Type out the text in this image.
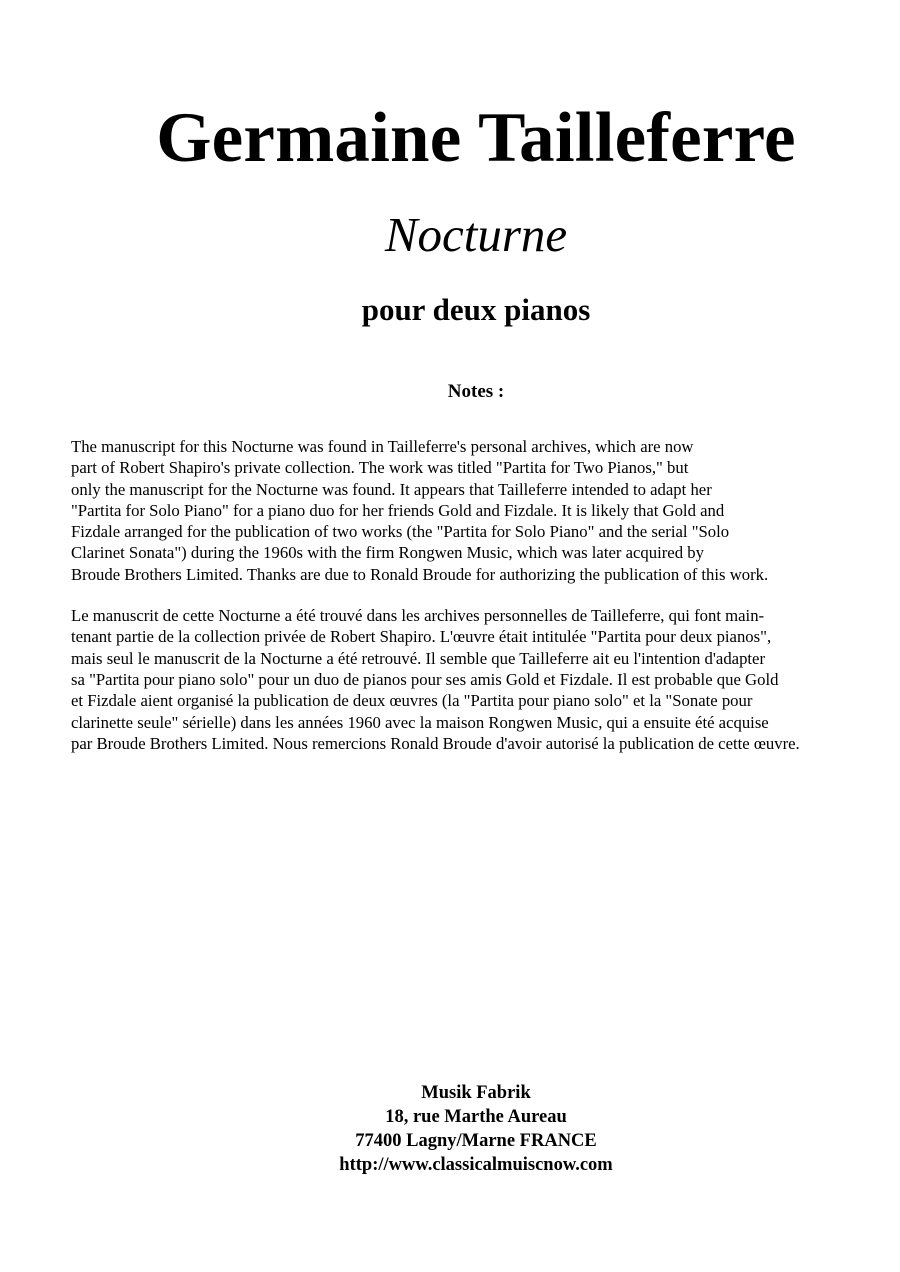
Germaine Tailleferre
Nocturne
pour deux pianos
Notes :

The manuscript for this Nocturne was found in Tailleferre's personal archives, which are now
part of Robert Shapiro's private collection. The work was titled "Partita for Two Pianos," but
only the manuscript for the Nocturne was found. It appears that Tailleferre intended to adapt her
"Partita for Solo Piano" for a piano duo for her friends Gold and Fizdale. It is likely that Gold and
Fizdale arranged for the publication of two works (the "Partita for Solo Piano" and the serial "Solo
Clarinet Sonata") during the 1960s with the firm Rongwen Music, which was later acquired by
Broude Brothers Limited. Thanks are due to Ronald Broude for authorizing the publication of this work.

Le manuscrit de cette Nocturne a été trouvé dans les archives personnelles de Tailleferre, qui font main-
tenant partie de la collection privée de Robert Shapiro. L'œuvre était intitulée "Partita pour deux pianos",
mais seul le manuscrit de la Nocturne a été retrouvé. Il semble que Tailleferre ait eu l'intention d'adapter
sa "Partita pour piano solo" pour un duo de pianos pour ses amis Gold et Fizdale. Il est probable que Gold
et Fizdale aient organisé la publication de deux œuvres (la "Partita pour piano solo" et la "Sonate pour
clarinette seule" sérielle) dans les années 1960 avec la maison Rongwen Music, qui a ensuite été acquise
par Broude Brothers Limited. Nous remercions Ronald Broude d'avoir autorisé la publication de cette œuvre.

Musik Fabrik
18, rue Marthe Aureau
77400 Lagny/Marne FRANCE
http://www.classicalmuiscnow.com
